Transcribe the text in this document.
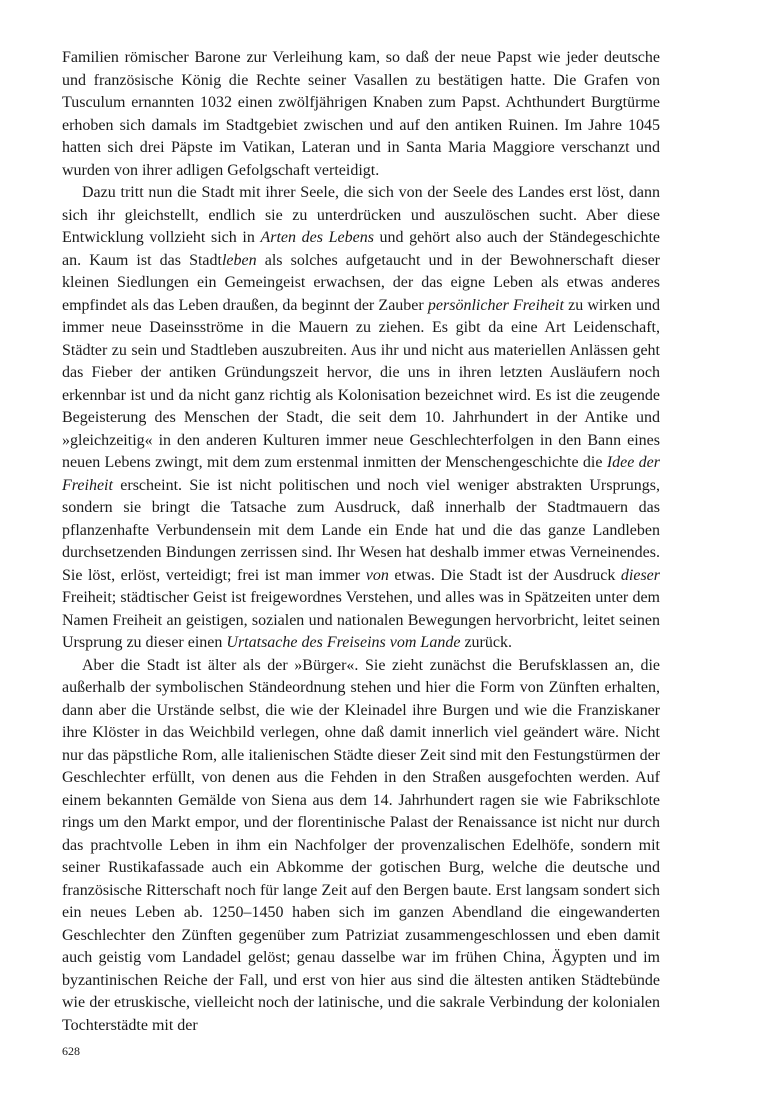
Familien römischer Barone zur Verleihung kam, so daß der neue Papst wie jeder deutsche und französische König die Rechte seiner Vasallen zu bestätigen hatte. Die Grafen von Tusculum ernannten 1032 einen zwölfjährigen Knaben zum Papst. Achthundert Burgtürme erhoben sich damals im Stadtgebiet zwischen und auf den antiken Ruinen. Im Jahre 1045 hatten sich drei Päpste im Vatikan, Lateran und in Santa Maria Maggiore verschanzt und wurden von ihrer adligen Gefolgschaft verteidigt.

Dazu tritt nun die Stadt mit ihrer Seele, die sich von der Seele des Landes erst löst, dann sich ihr gleichstellt, endlich sie zu unterdrücken und auszulöschen sucht. Aber diese Entwicklung vollzieht sich in Arten des Lebens und gehört also auch der Ständegeschichte an. Kaum ist das Stadtleben als solches aufgetaucht und in der Bewohnerschaft dieser kleinen Siedlungen ein Gemeingeist erwachsen, der das eigne Leben als etwas anderes empfindet als das Leben draußen, da beginnt der Zauber persönlicher Freiheit zu wirken und immer neue Daseinsströme in die Mauern zu ziehen. Es gibt da eine Art Leidenschaft, Städter zu sein und Stadtleben auszubreiten. Aus ihr und nicht aus materiellen Anlässen geht das Fieber der antiken Gründungszeit hervor, die uns in ihren letzten Ausläufern noch erkennbar ist und da nicht ganz richtig als Kolonisation bezeichnet wird. Es ist die zeugende Begeisterung des Menschen der Stadt, die seit dem 10. Jahrhundert in der Antike und »gleichzeitig« in den anderen Kulturen immer neue Geschlechterfolgen in den Bann eines neuen Lebens zwingt, mit dem zum erstenmal inmitten der Menschengeschichte die Idee der Freiheit erscheint. Sie ist nicht politischen und noch viel weniger abstrakten Ursprungs, sondern sie bringt die Tatsache zum Ausdruck, daß innerhalb der Stadtmauern das pflanzenhafte Verbundensein mit dem Lande ein Ende hat und die das ganze Landleben durchsetzenden Bindungen zerrissen sind. Ihr Wesen hat deshalb immer etwas Verneinendes. Sie löst, erlöst, verteidigt; frei ist man immer von etwas. Die Stadt ist der Ausdruck dieser Freiheit; städtischer Geist ist freigewordnes Verstehen, und alles was in Spätzeiten unter dem Namen Freiheit an geistigen, sozialen und nationalen Bewegungen hervorbricht, leitet seinen Ursprung zu dieser einen Urtatsache des Freiseins vom Lande zurück.

Aber die Stadt ist älter als der »Bürger«. Sie zieht zunächst die Berufsklassen an, die außerhalb der symbolischen Ständeordnung stehen und hier die Form von Zünften erhalten, dann aber die Urstände selbst, die wie der Kleinadel ihre Burgen und wie die Franziskaner ihre Klöster in das Weichbild verlegen, ohne daß damit innerlich viel geändert wäre. Nicht nur das päpstliche Rom, alle italienischen Städte dieser Zeit sind mit den Festungstürmen der Geschlechter erfüllt, von denen aus die Fehden in den Straßen ausgefochten werden. Auf einem bekannten Gemälde von Siena aus dem 14. Jahrhundert ragen sie wie Fabrikschlote rings um den Markt empor, und der florentinische Palast der Renaissance ist nicht nur durch das prachtvolle Leben in ihm ein Nachfolger der provenzalischen Edelhöfe, sondern mit seiner Rustikafassade auch ein Abkomme der gotischen Burg, welche die deutsche und französische Ritterschaft noch für lange Zeit auf den Bergen baute. Erst langsam sondert sich ein neues Leben ab. 1250–1450 haben sich im ganzen Abendland die eingewanderten Geschlechter den Zünften gegenüber zum Patriziat zusammengeschlossen und eben damit auch geistig vom Landadel gelöst; genau dasselbe war im frühen China, Ägypten und im byzantinischen Reiche der Fall, und erst von hier aus sind die ältesten antiken Städtebünde wie der etruskische, vielleicht noch der latinische, und die sakrale Verbindung der kolonialen Tochterstädte mit der

628
